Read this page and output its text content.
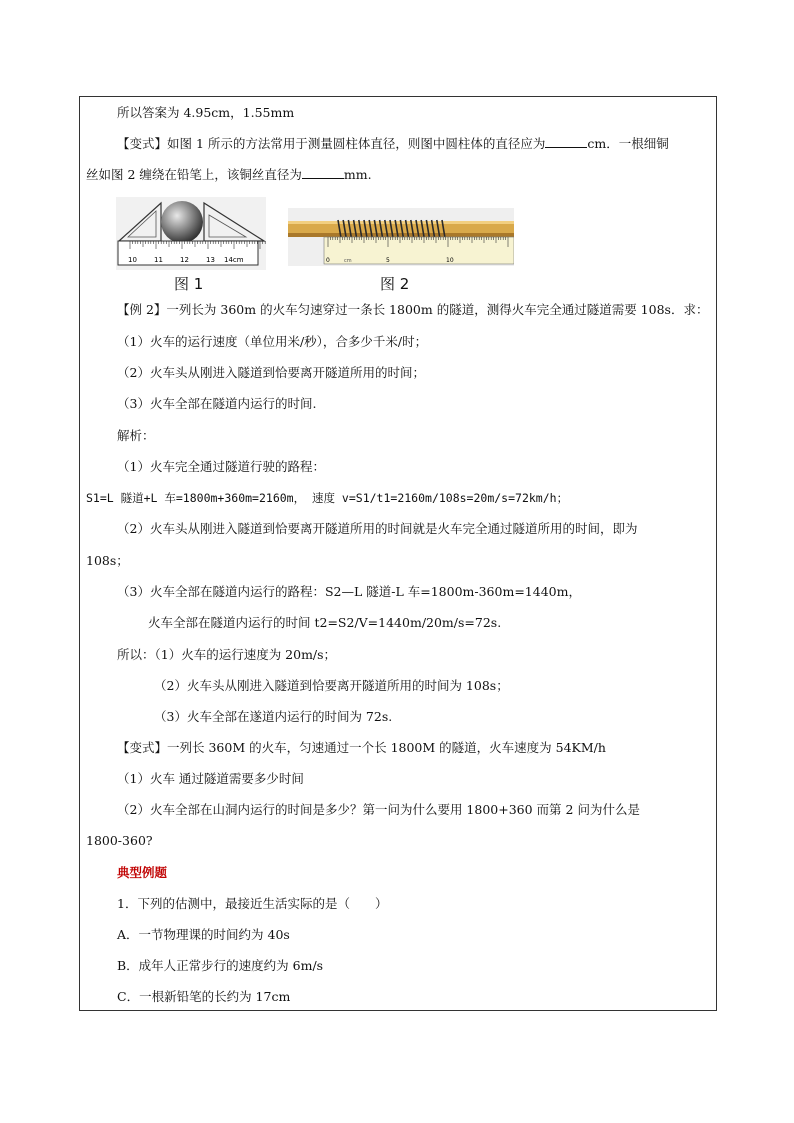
所以答案为 4.95cm，1.55mm
【变式】如图 1 所示的方法常用于测量圆柱体直径，则图中圆柱体的直径应为	cm．一根细铜
丝如图 2 缠绕在铅笔上，该铜丝直径为	mm.
10 11 12 13 14cm	0	5	10
cm
图 1	图 2
【例 2】一列长为 360m 的火车匀速穿过一条长 1800m 的隧道，测得火车完全通过隧道需要 108s．求：
（1）火车的运行速度（单位用米/秒），合多少千米/时；
（2）火车头从刚进入隧道到恰要离开隧道所用的时间；
（3）火车全部在隧道内运行的时间.
解析：
（1）火车完全通过隧道行驶的路程：
S1=L 隧道+L 车=1800m+360m=2160m， 速度 v=S1/t1=2160m/108s=20m/s=72km/h；
（2）火车头从刚进入隧道到恰要离开隧道所用的时间就是火车完全通过隧道所用的时间，即为
108s；
（3）火车全部在隧道内运行的路程：S2—L 隧道-L 车=1800m-360m=1440m，
火车全部在隧道内运行的时间 t2=S2/V=1440m/20m/s=72s.
所以：（1）火车的运行速度为 20m/s；
（2）火车头从刚进入隧道到恰要离开隧道所用的时间为 108s；
（3）火车全部在遂道内运行的时间为 72s.
【变式】一列长 360M 的火车，匀速通过一个长 1800M 的隧道，火车速度为 54KM/h
（1）火车 通过隧道需要多少时间
（2）火车全部在山洞内运行的时间是多少？第一问为什么要用 1800+360 而第 2 问为什么是
1800-360?
典型例题
1．下列的估测中，最接近生活实际的是（　　）
A．一节物理课的时间约为 40s
B．成年人正常步行的速度约为 6m/s
C．一根新铅笔的长约为 17cm
